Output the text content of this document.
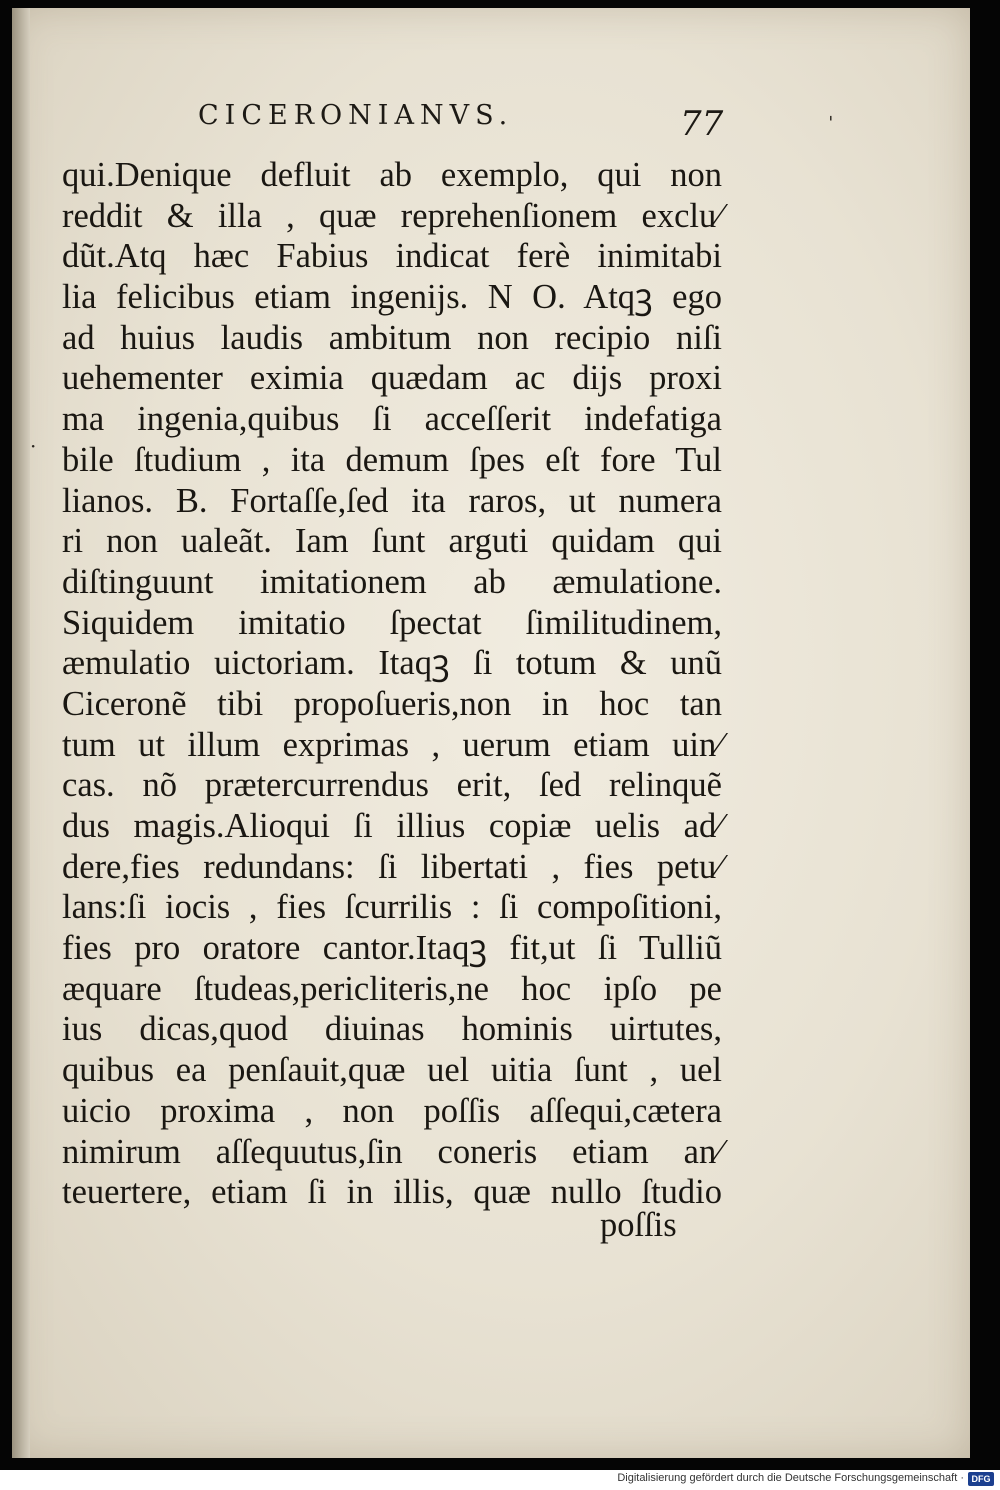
CICERONIANVS.	77	ˈ
·
qui.Denique defluit ab exemplo, qui non
reddit & illa , quæ reprehenſionem exclu⁄
dũt.Atq hæc Fabius indicat ferè inimitabi
lia felicibus etiam ingenijs. N O. Atqꝫ ego
ad huius laudis ambitum non recipio niſi
uehementer eximia quædam ac dijs proxi
ma ingenia,quibus ſi acceſſerit indefatiga
bile ſtudium , ita demum ſpes eſt fore Tul
lianos. B. Fortaſſe,ſed ita raros, ut numera
ri non ualeãt. Iam ſunt arguti quidam qui
diſtinguunt imitationem ab æmulatione.
Siquidem imitatio ſpectat ſimilitudinem,
æmulatio uictoriam. Itaqꝫ ſi totum & unũ
Ciceronẽ tibi propoſueris,non in hoc tan
tum ut illum exprimas , uerum etiam uin⁄
cas. nõ prætercurrendus erit, ſed relinquẽ
dus magis.Alioqui ſi illius copiæ uelis ad⁄
dere,fies redundans: ſi libertati , fies petu⁄
lans:ſi iocis , fies ſcurrilis : ſi compoſitioni,
fies pro oratore cantor.Itaqꝫ fit,ut ſi Tulliũ
æquare ſtudeas,pericliteris,ne hoc ipſo pe
ius dicas,quod diuinas hominis uirtutes,
quibus ea penſauit,quæ uel uitia ſunt , uel
uicio proxima , non poſſis aſſequi,cætera
nimirum aſſequutus,ſin coneris etiam an⁄
teuertere, etiam ſi in illis, quæ nullo ſtudio
poſſis
Digitalisierung gefördert durch die Deutsche Forschungsgemeinschaft · DFG
